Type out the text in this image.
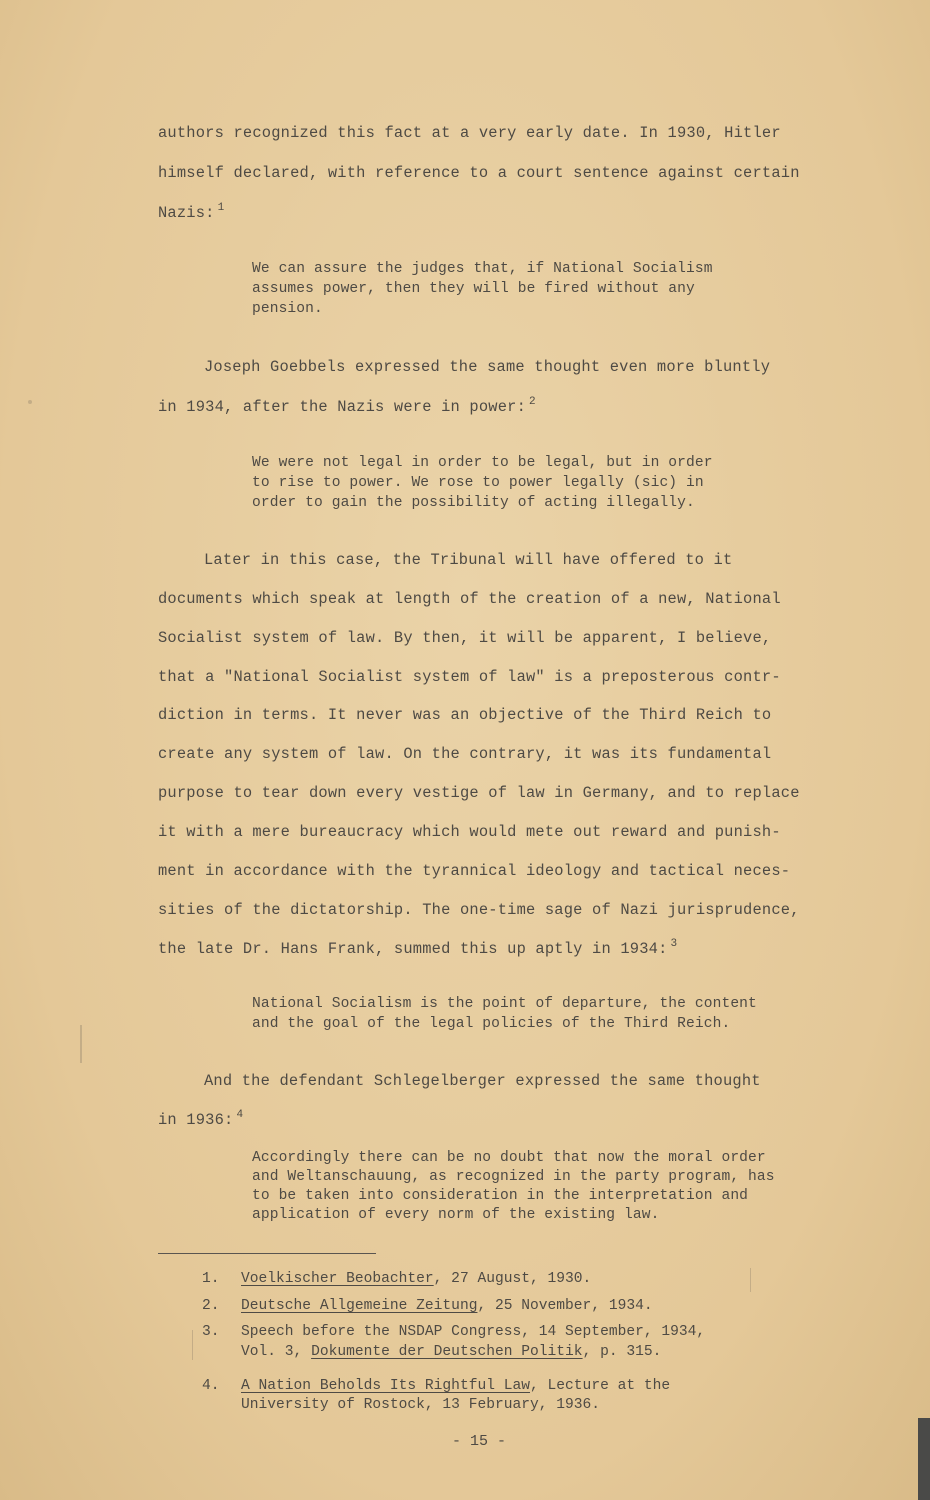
authors recognized this fact at a very early date. In 1930, Hitler
himself declared, with reference to a court sentence against certain
Nazis: $^1$
We can assure the judges that, if National Socialism
assumes power, then they will be fired without any
pension.
Joseph Goebbels expressed the same thought even more bluntly
in 1934, after the Nazis were in power: $^2$
We were not legal in order to be legal, but in order
to rise to power. We rose to power legally (sic) in
order to gain the possibility of acting illegally.
Later in this case, the Tribunal will have offered to it
documents which speak at length of the creation of a new, National
Socialist system of law. By then, it will be apparent, I believe,
that a "National Socialist system of law" is a preposterous contr-
diction in terms. It never was an objective of the Third Reich to
create any system of law. On the contrary, it was its fundamental
purpose to tear down every vestige of law in Germany, and to replace
it with a mere bureaucracy which would mete out reward and punish-
ment in accordance with the tyrannical ideology and tactical neces-
sities of the dictatorship. The one-time sage of Nazi jurisprudence,
the late Dr. Hans Frank, summed this up aptly in 1934: $^3$
National Socialism is the point of departure, the content
and the goal of the legal policies of the Third Reich.
And the defendant Schlegelberger expressed the same thought
in 1936: $^4$
Accordingly there can be no doubt that now the moral order
and Weltanschauung, as recognized in the party program, has
to be taken into consideration in the interpretation and
application of every norm of the existing law.
1. Voelkischer Beobachter, 27 August, 1930.
2. Deutsche Allgemeine Zeitung, 25 November, 1934.
3. Speech before the NSDAP Congress, 14 September, 1934,
Vol. 3, Dokumente der Deutschen Politik, p. 315.
4. A Nation Beholds Its Rightful Law, Lecture at the
University of Rostock, 13 February, 1936.
- 15 -
